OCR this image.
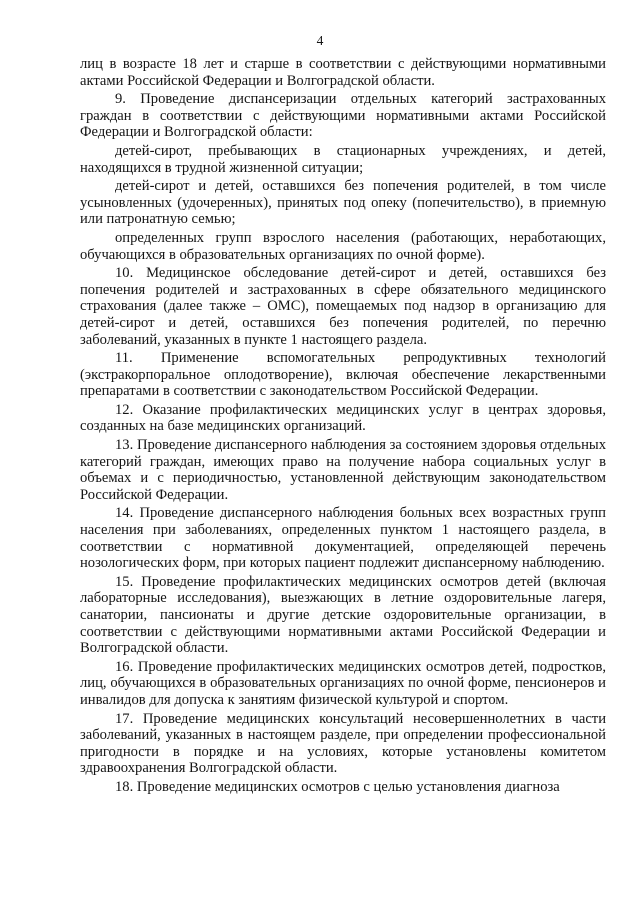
4

лиц в возрасте 18 лет и старше в соответствии с действующими нормативными актами Российской Федерации и Волгоградской области.

9. Проведение диспансеризации отдельных категорий застрахованных граждан в соответствии с действующими нормативными актами Российской Федерации и Волгоградской области:

детей-сирот, пребывающих в стационарных учреждениях, и детей, находящихся в трудной жизненной ситуации;

детей-сирот и детей, оставшихся без попечения родителей, в том числе усыновленных (удочеренных), принятых под опеку (попечительство), в приемную или патронатную семью;

определенных групп взрослого населения (работающих, неработающих, обучающихся в образовательных организациях по очной форме).

10. Медицинское обследование детей-сирот и детей, оставшихся без попечения родителей и застрахованных в сфере обязательного медицинского страхования (далее также – ОМС), помещаемых под надзор в организацию для детей-сирот и детей, оставшихся без попечения родителей, по перечню заболеваний, указанных в пункте 1 настоящего раздела.

11. Применение вспомогательных репродуктивных технологий (экстракорпоральное оплодотворение), включая обеспечение лекарственными препаратами в соответствии с законодательством Российской Федерации.

12. Оказание профилактических медицинских услуг в центрах здоровья, созданных на базе медицинских организаций.

13. Проведение диспансерного наблюдения за состоянием здоровья отдельных категорий граждан, имеющих право на получение набора социальных услуг в объемах и с периодичностью, установленной действующим законодательством Российской Федерации.

14. Проведение диспансерного наблюдения больных всех возрастных групп населения при заболеваниях, определенных пунктом 1 настоящего раздела, в соответствии с нормативной документацией, определяющей перечень нозологических форм, при которых пациент подлежит диспансерному наблюдению.

15. Проведение профилактических медицинских осмотров детей (включая лабораторные исследования), выезжающих в летние оздоровительные лагеря, санатории, пансионаты и другие детские оздоровительные организации, в соответствии с действующими нормативными актами Российской Федерации и Волгоградской области.

16. Проведение профилактических медицинских осмотров детей, подростков, лиц, обучающихся в образовательных организациях по очной форме, пенсионеров и инвалидов для допуска к занятиям физической культурой и спортом.

17. Проведение медицинских консультаций несовершеннолетних в части заболеваний, указанных в настоящем разделе, при определении профессиональной пригодности в порядке и на условиях, которые установлены комитетом здравоохранения Волгоградской области.

18. Проведение медицинских осмотров с целью установления диагноза
